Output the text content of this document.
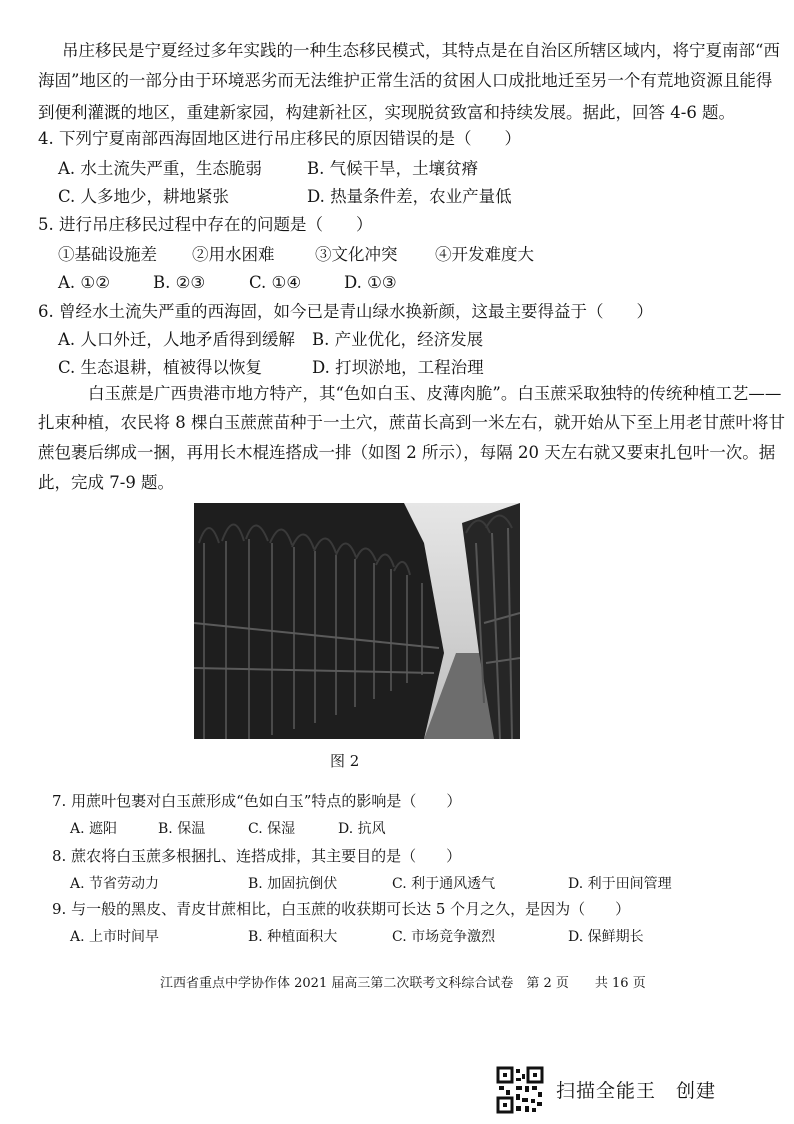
吊庄移民是宁夏经过多年实践的一种生态移民模式，其特点是在自治区所辖区域内，将宁夏南部“西
海固”地区的一部分由于环境恶劣而无法维护正常生活的贫困人口成批地迁至另一个有荒地资源且能得
到便利灌溉的地区，重建新家园，构建新社区，实现脱贫致富和持续发展。据此，回答 4-6 题。
4. 下列宁夏南部西海固地区进行吊庄移民的原因错误的是（　　）
A. 水土流失严重，生态脆弱	B. 气候干旱，土壤贫瘠
C. 人多地少，耕地紧张	D. 热量条件差，农业产量低
5. 进行吊庄移民过程中存在的问题是（　　）
①基础设施差 ②用水困难 ③文化冲突 ④开发难度大
A. ①②	B. ②③	C. ①④	D. ①③
6. 曾经水土流失严重的西海固，如今已是青山绿水换新颜，这最主要得益于（　　）
A. 人口外迁，人地矛盾得到缓解 B. 产业优化，经济发展
C. 生态退耕，植被得以恢复	D. 打坝淤地，工程治理
白玉蔗是广西贵港市地方特产，其“色如白玉、皮薄肉脆”。白玉蔗采取独特的传统种植工艺——
扎束种植，农民将 8 棵白玉蔗蔗苗种于一土穴，蔗苗长高到一米左右，就开始从下至上用老甘蔗叶将甘
蔗包裹后绑成一捆，再用长木棍连搭成一排（如图 2 所示），每隔 20 天左右就又要束扎包叶一次。据
此，完成 7-9 题。
图 2
7. 用蔗叶包裹对白玉蔗形成“色如白玉”特点的影响是（　　）
A. 遮阳	B. 保温	C. 保湿	D. 抗风
8. 蔗农将白玉蔗多根捆扎、连搭成排，其主要目的是（　　）
A. 节省劳动力	B. 加固抗倒伏	C. 利于通风透气	D. 利于田间管理
9. 与一般的黑皮、青皮甘蔗相比，白玉蔗的收获期可长达 5 个月之久，是因为（　　）
A. 上市时间早	B. 种植面积大	C. 市场竞争激烈	D. 保鲜期长
江西省重点中学协作体 2021 届高三第二次联考文科综合试卷　第 2 页　　共 16 页
扫描全能王　创建
